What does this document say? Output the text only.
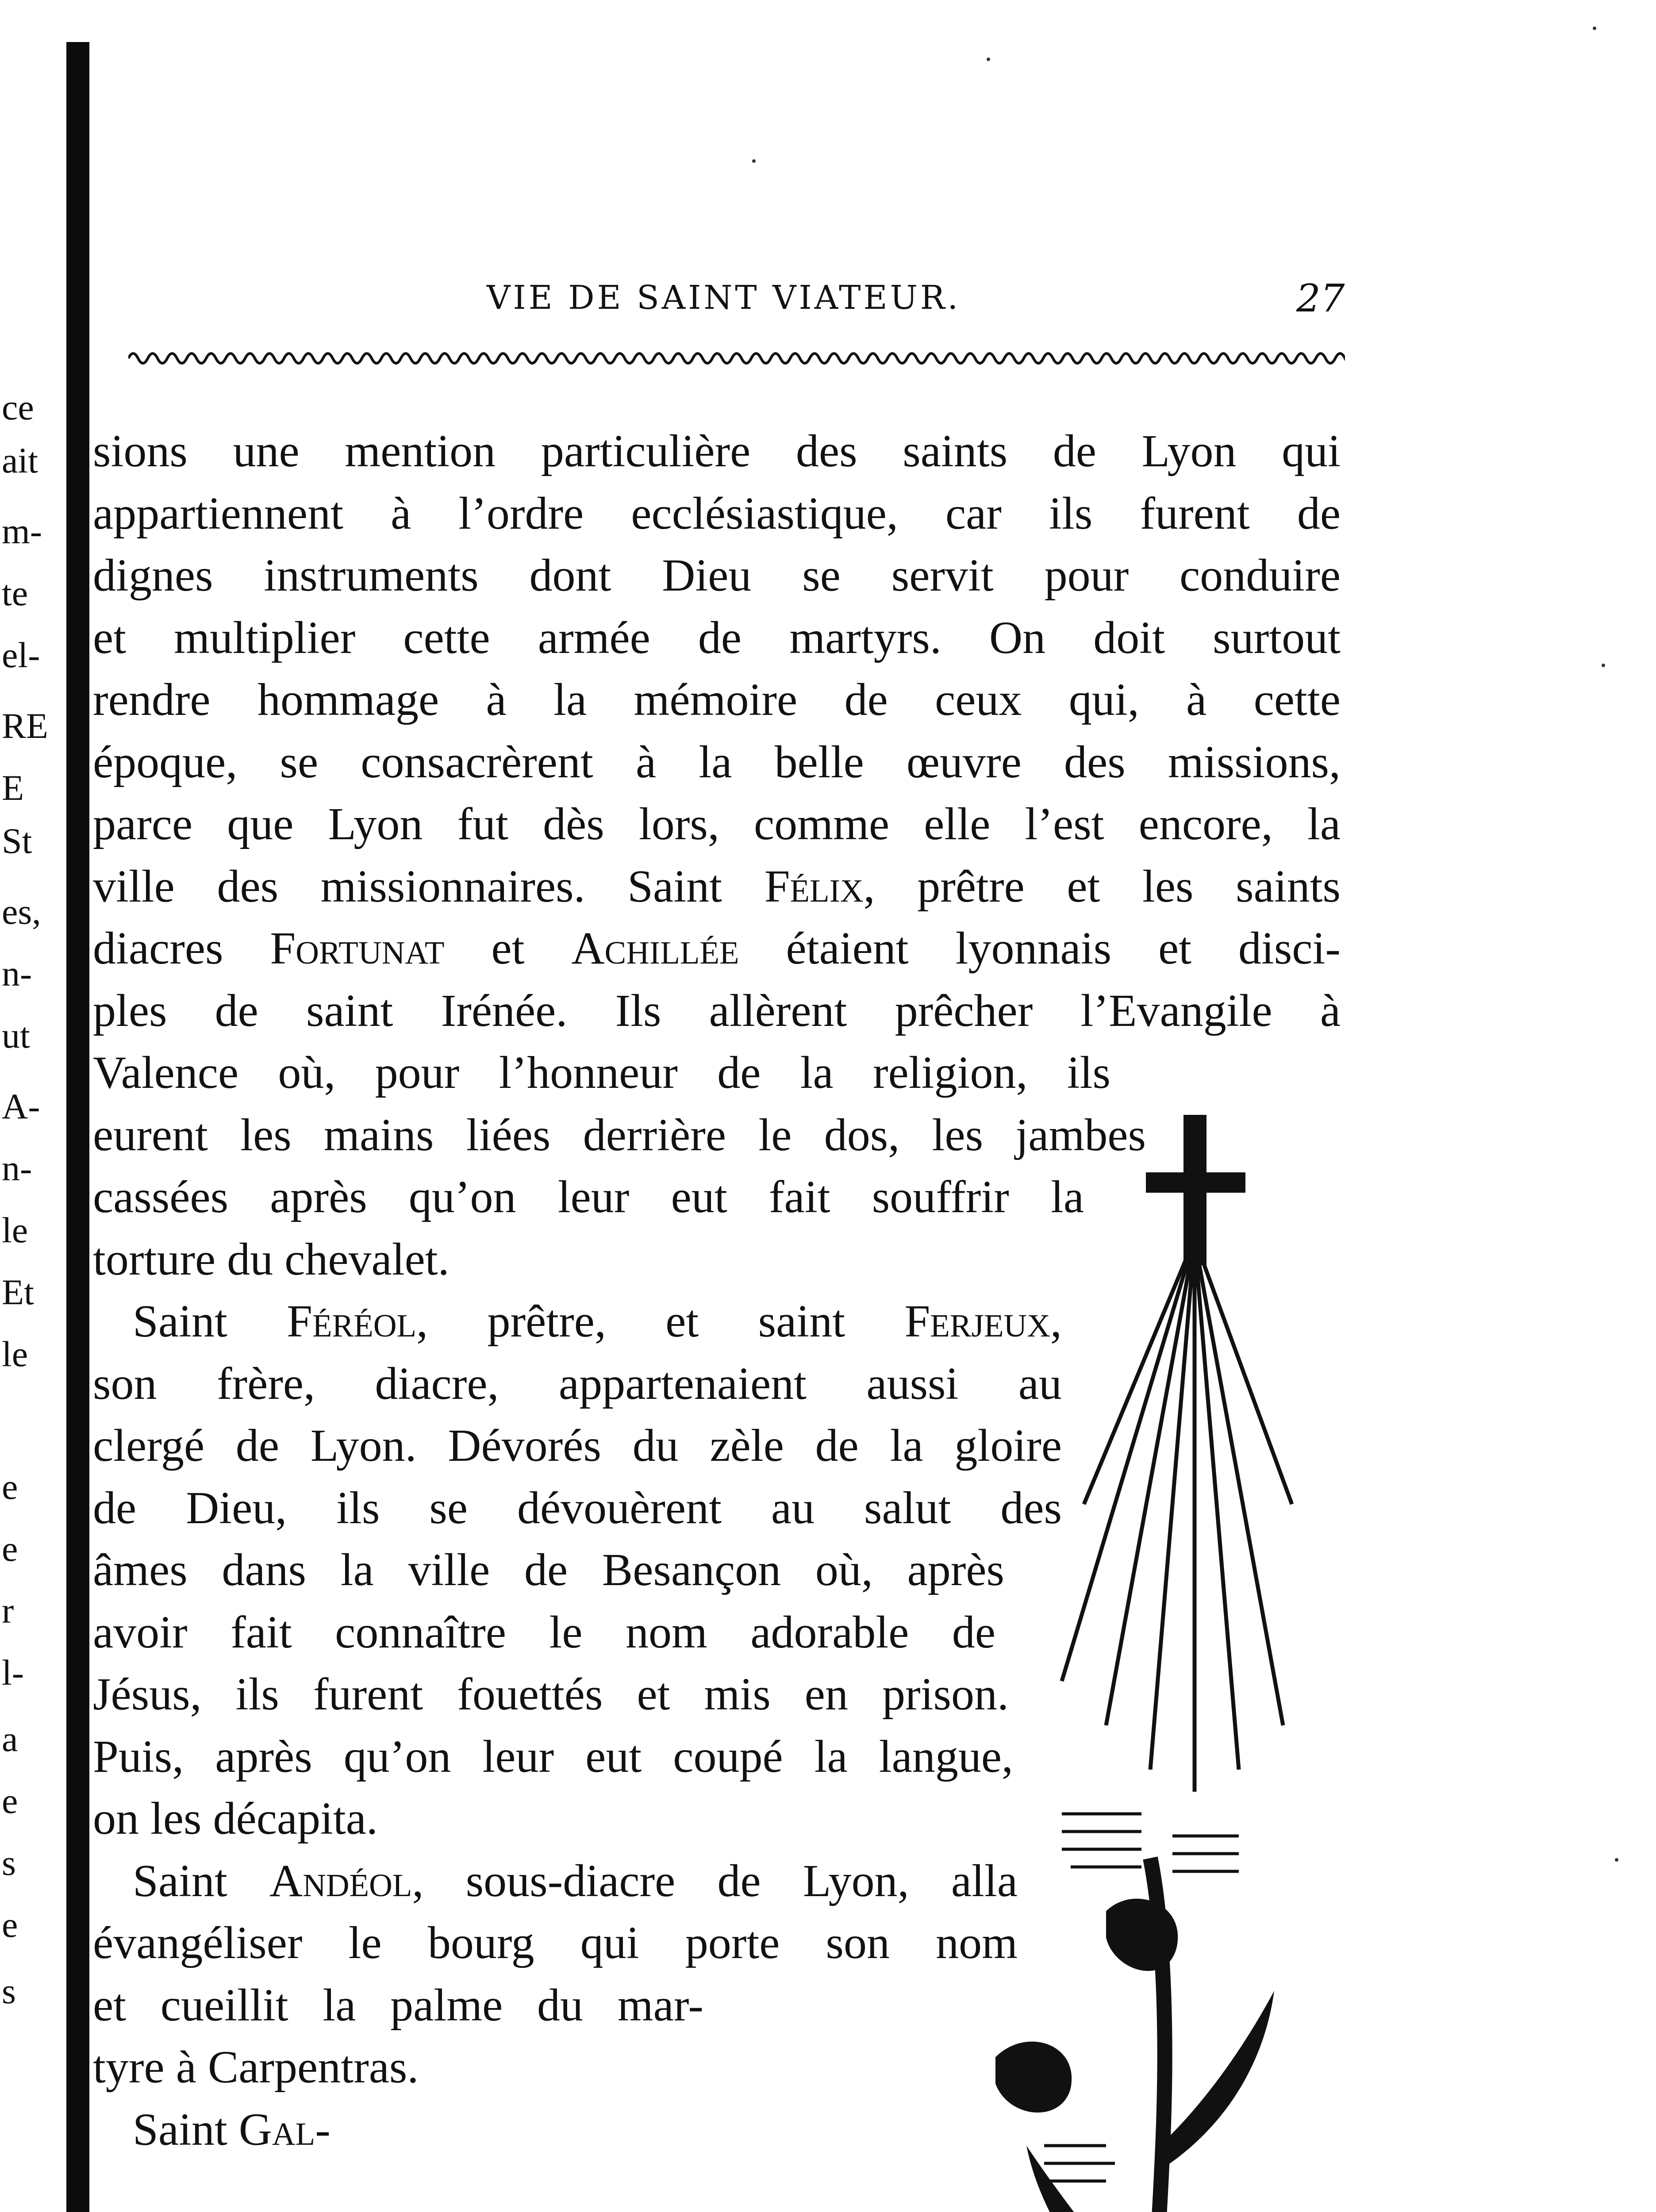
ce
ait
m-
te
el-
RE
E
St
es,
n-
ut
A-
n-
le
Et
le
e
e
r
l-
a
e
s
e
s
VIE DE SAINT VIATEUR.	27
sions une mention particulière des saints de Lyon qui
appartiennent à l’ordre ecclésiastique, car ils furent de
dignes instruments dont Dieu se servit pour conduire
et multiplier cette armée de martyrs. On doit surtout
rendre hommage à la mémoire de ceux qui, à cette
époque, se consacrèrent à la belle œuvre des missions,
parce que Lyon fut dès lors, comme elle l’est encore, la
ville des missionnaires. Saint Félix, prêtre et les saints
diacres Fortunat et Achillée étaient lyonnais et disci-
ples de saint Irénée. Ils allèrent prêcher l’Evangile à
Valence où, pour l’honneur de la religion, ils
eurent les mains liées derrière le dos, les jambes
cassées après qu’on leur eut fait souffrir la
torture du chevalet.
Saint Féréol, prêtre, et saint Ferjeux,
son frère, diacre, appartenaient aussi au
clergé de Lyon. Dévorés du zèle de la gloire
de Dieu, ils se dévouèrent au salut des
âmes dans la ville de Besançon où, après
avoir fait connaître le nom adorable de
Jésus, ils furent fouettés et mis en prison.
Puis, après qu’on leur eut coupé la langue,
on les décapita.
Saint Andéol, sous-diacre de Lyon, alla
évangéliser le bourg qui porte son nom
et cueillit la palme du mar-
tyre à Carpentras.
Saint Gal-
